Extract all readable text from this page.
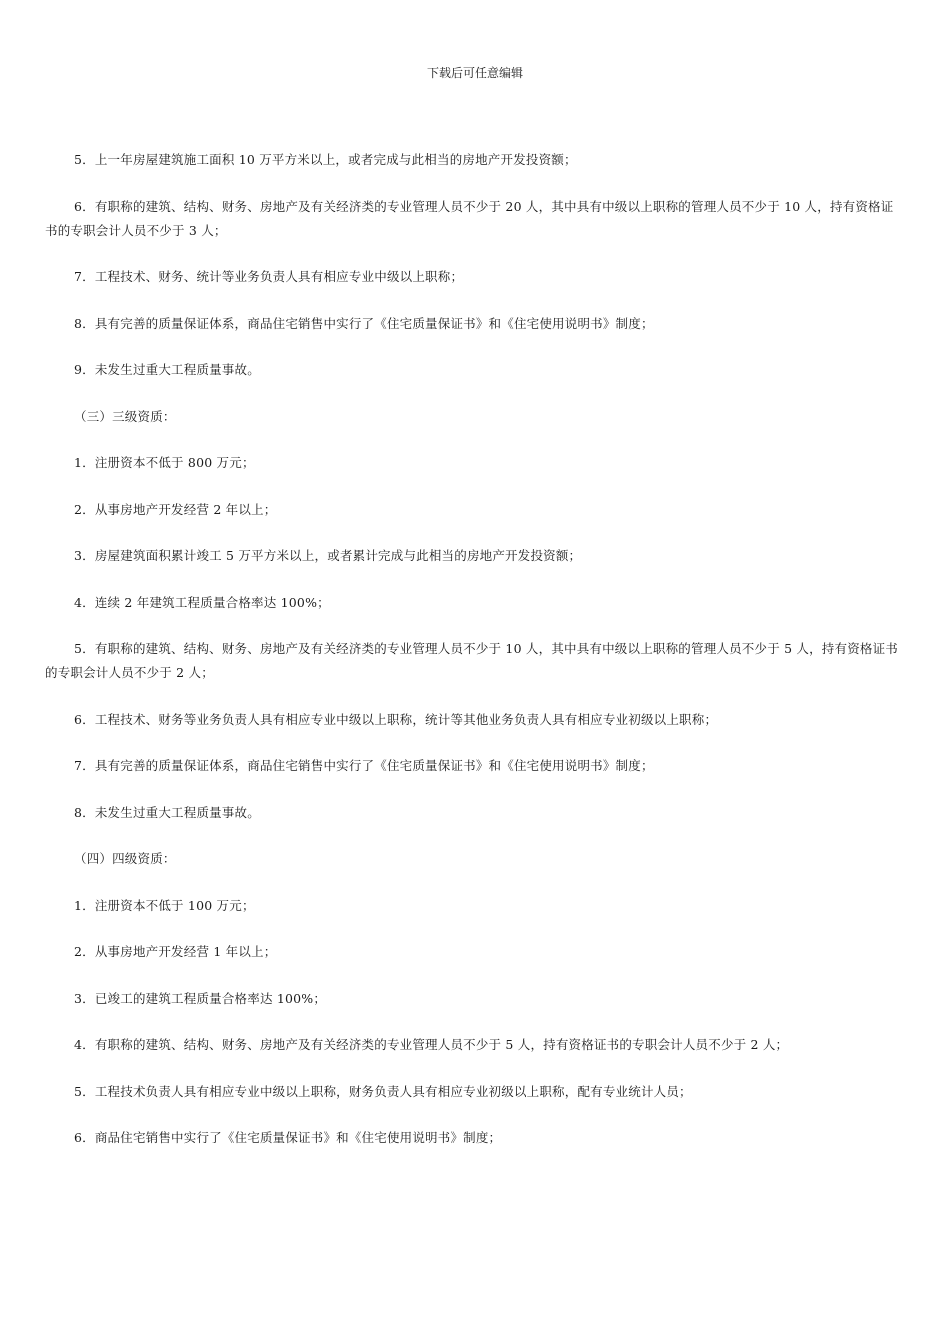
下载后可任意编辑

5．上一年房屋建筑施工面积 10 万平方米以上，或者完成与此相当的房地产开发投资额；

6．有职称的建筑、结构、财务、房地产及有关经济类的专业管理人员不少于 20 人，其中具有中级以上职称的管理人员不少于 10 人，持有资格证书的专职会计人员不少于 3 人；

7．工程技术、财务、统计等业务负责人具有相应专业中级以上职称；

8．具有完善的质量保证体系，商品住宅销售中实行了《住宅质量保证书》和《住宅使用说明书》制度；

9．未发生过重大工程质量事故。

（三）三级资质：

1．注册资本不低于 800 万元；

2．从事房地产开发经营 2 年以上；

3．房屋建筑面积累计竣工 5 万平方米以上，或者累计完成与此相当的房地产开发投资额；

4．连续 2 年建筑工程质量合格率达 100%；

5．有职称的建筑、结构、财务、房地产及有关经济类的专业管理人员不少于 10 人，其中具有中级以上职称的管理人员不少于 5 人，持有资格证书的专职会计人员不少于 2 人；

6．工程技术、财务等业务负责人具有相应专业中级以上职称，统计等其他业务负责人具有相应专业初级以上职称；

7．具有完善的质量保证体系，商品住宅销售中实行了《住宅质量保证书》和《住宅使用说明书》制度；

8．未发生过重大工程质量事故。

（四）四级资质：

1．注册资本不低于 100 万元；

2．从事房地产开发经营 1 年以上；

3．已竣工的建筑工程质量合格率达 100%；

4．有职称的建筑、结构、财务、房地产及有关经济类的专业管理人员不少于 5 人，持有资格证书的专职会计人员不少于 2 人；

5．工程技术负责人具有相应专业中级以上职称，财务负责人具有相应专业初级以上职称，配有专业统计人员；

6．商品住宅销售中实行了《住宅质量保证书》和《住宅使用说明书》制度；
